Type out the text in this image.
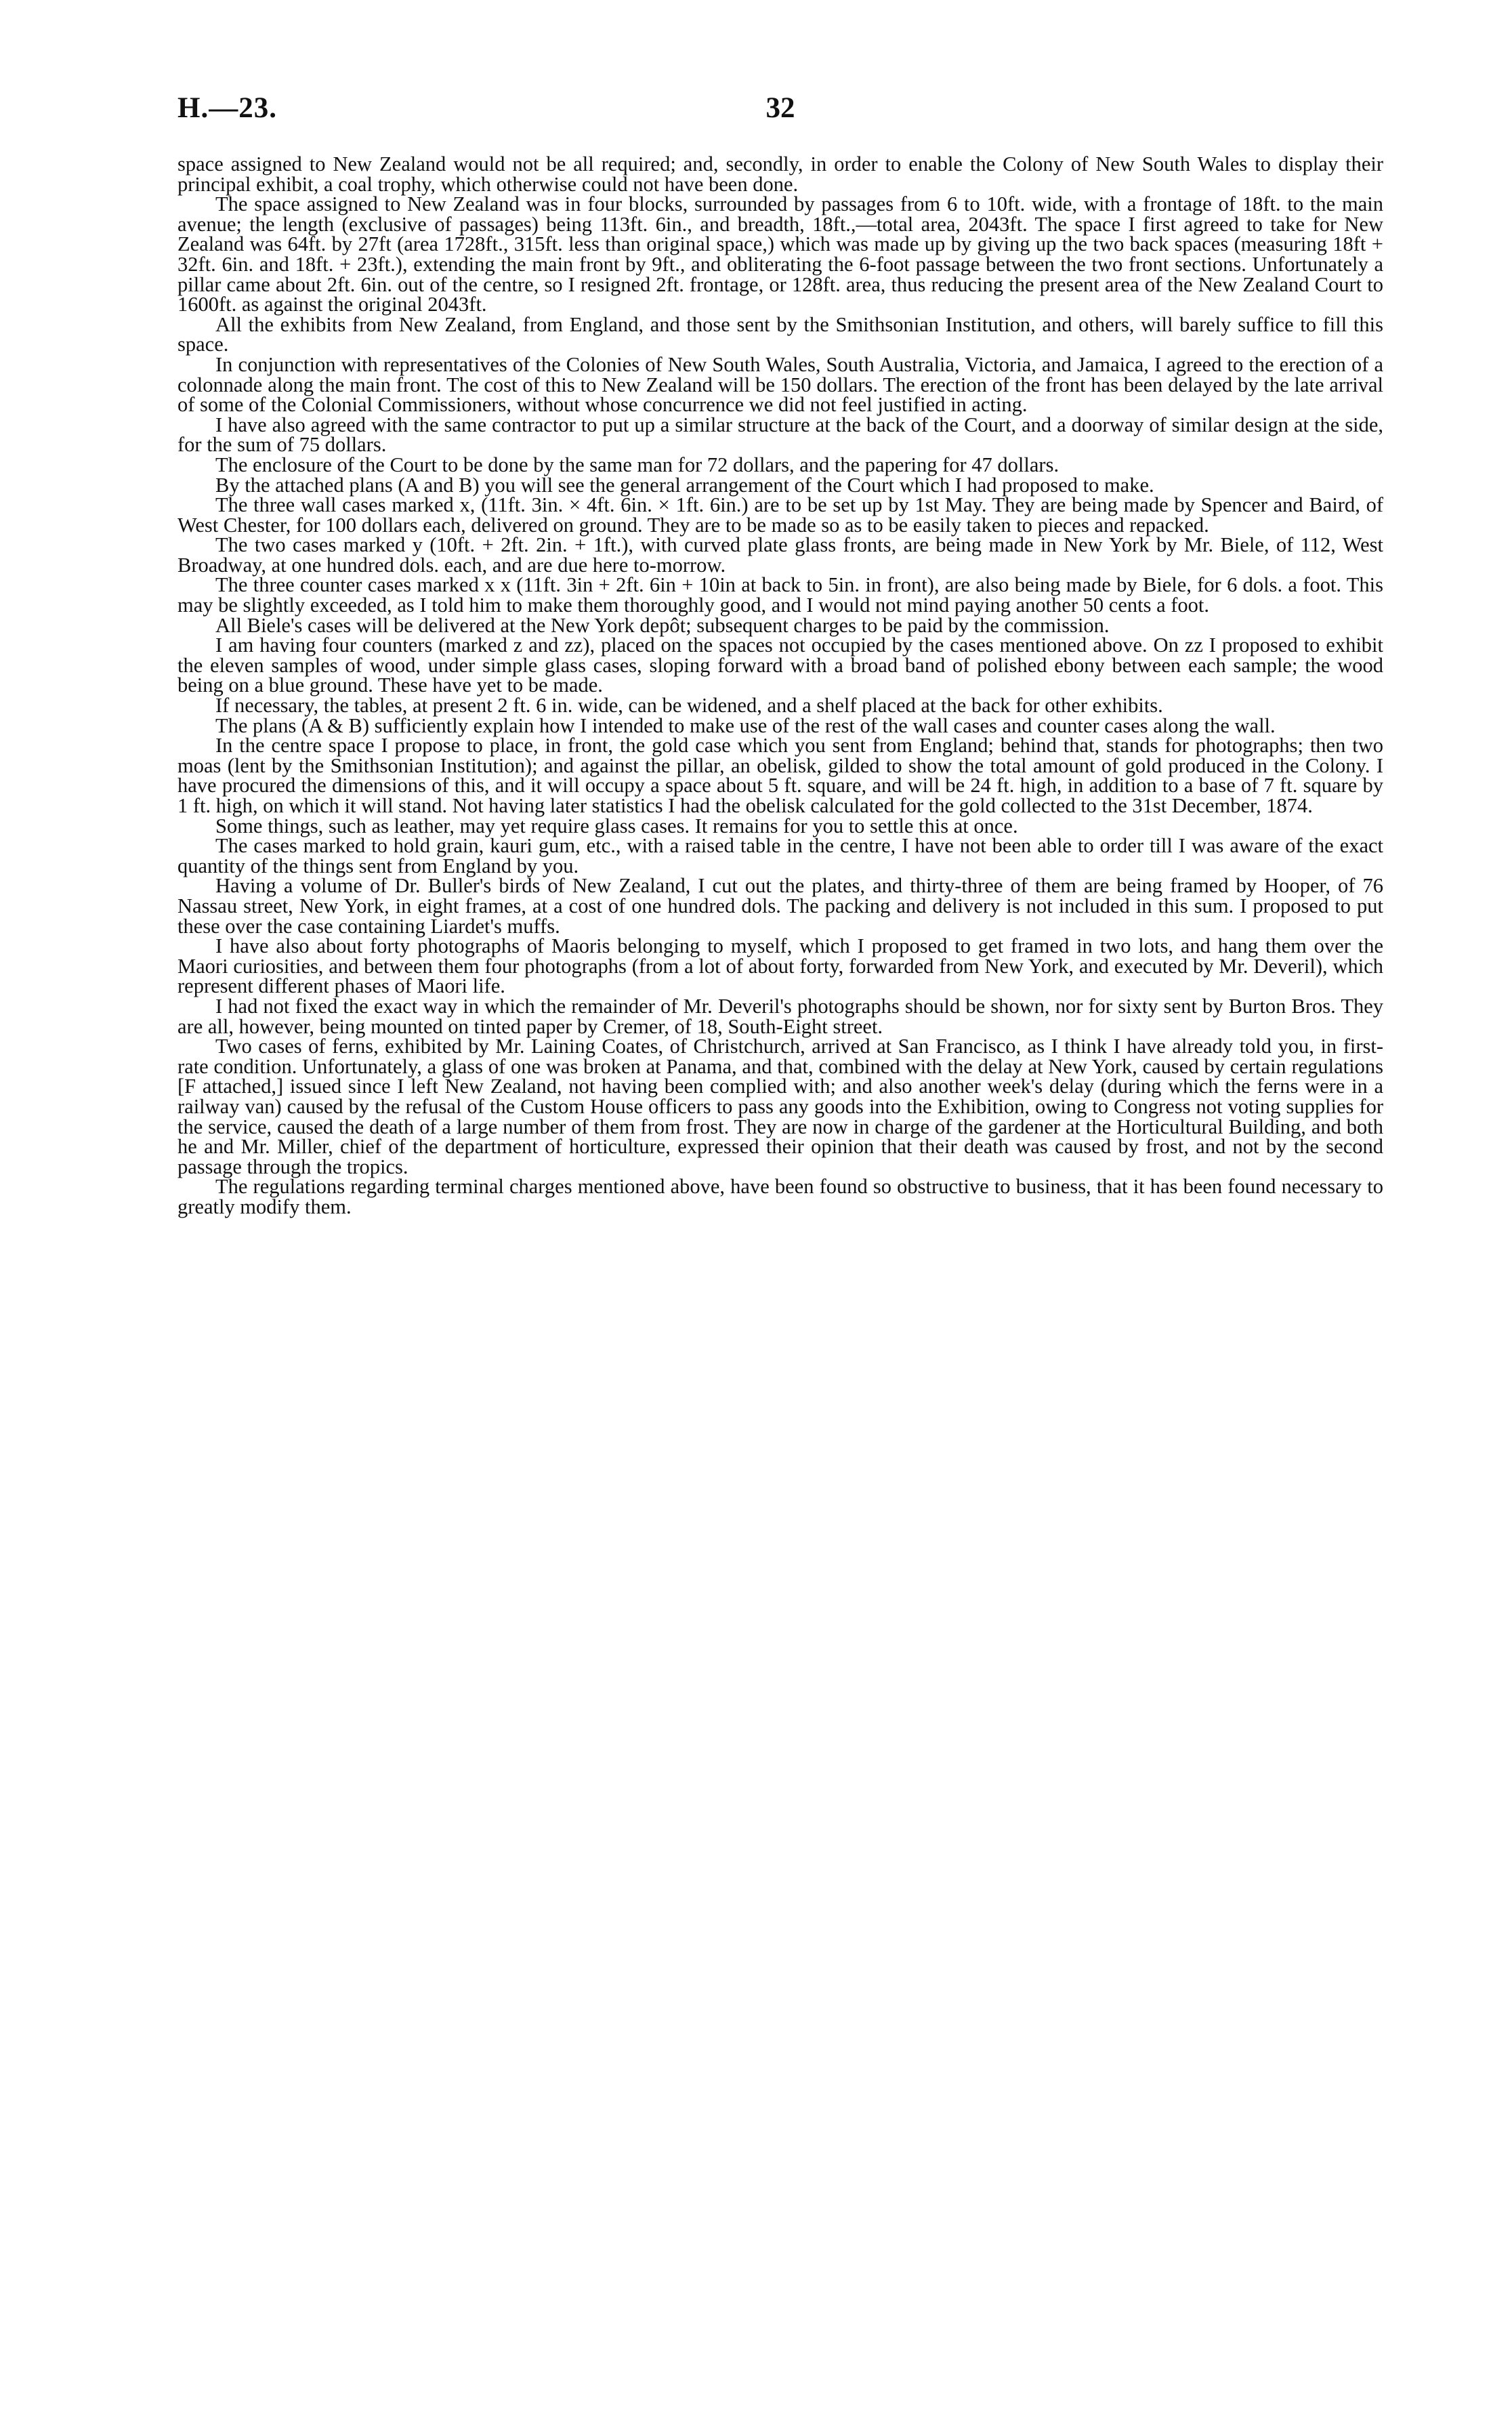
32
H.—23.

space assigned to New Zealand would not be all required; and, secondly, in order to enable the Colony of New South Wales to display their principal exhibit, a coal trophy, which otherwise could not have been done.

The space assigned to New Zealand was in four blocks, surrounded by passages from 6 to 10ft. wide, with a frontage of 18ft. to the main avenue; the length (exclusive of passages) being 113ft. 6in., and breadth, 18ft.,—total area, 2043ft. The space I first agreed to take for New Zealand was 64ft. by 27ft (area 1728ft., 315ft. less than original space,) which was made up by giving up the two back spaces (measuring 18ft + 32ft. 6in. and 18ft. + 23ft.), extending the main front by 9ft., and obliterating the 6-foot passage between the two front sections. Unfortunately a pillar came about 2ft. 6in. out of the centre, so I resigned 2ft. frontage, or 128ft. area, thus reducing the present area of the New Zealand Court to 1600ft. as against the original 2043ft.

All the exhibits from New Zealand, from England, and those sent by the Smithsonian Institution, and others, will barely suffice to fill this space.

In conjunction with representatives of the Colonies of New South Wales, South Australia, Victoria, and Jamaica, I agreed to the erection of a colonnade along the main front. The cost of this to New Zealand will be 150 dollars. The erection of the front has been delayed by the late arrival of some of the Colonial Commissioners, without whose concurrence we did not feel justified in acting.

I have also agreed with the same contractor to put up a similar structure at the back of the Court, and a doorway of similar design at the side, for the sum of 75 dollars.

The enclosure of the Court to be done by the same man for 72 dollars, and the papering for 47 dollars.

By the attached plans (A and B) you will see the general arrangement of the Court which I had proposed to make.

The three wall cases marked x, (11ft. 3in. × 4ft. 6in. × 1ft. 6in.) are to be set up by 1st May. They are being made by Spencer and Baird, of West Chester, for 100 dollars each, delivered on ground. They are to be made so as to be easily taken to pieces and repacked.

The two cases marked y (10ft. + 2ft. 2in. + 1ft.), with curved plate glass fronts, are being made in New York by Mr. Biele, of 112, West Broadway, at one hundred dols. each, and are due here to-morrow.

The three counter cases marked x x (11ft. 3in + 2ft. 6in + 10in at back to 5in. in front), are also being made by Biele, for 6 dols. a foot. This may be slightly exceeded, as I told him to make them thoroughly good, and I would not mind paying another 50 cents a foot.

All Biele's cases will be delivered at the New York depôt; subsequent charges to be paid by the commission.

I am having four counters (marked z and zz), placed on the spaces not occupied by the cases mentioned above. On zz I proposed to exhibit the eleven samples of wood, under simple glass cases, sloping forward with a broad band of polished ebony between each sample; the wood being on a blue ground. These have yet to be made.

If necessary, the tables, at present 2 ft. 6 in. wide, can be widened, and a shelf placed at the back for other exhibits.

The plans (A & B) sufficiently explain how I intended to make use of the rest of the wall cases and counter cases along the wall.

In the centre space I propose to place, in front, the gold case which you sent from England; behind that, stands for photographs; then two moas (lent by the Smithsonian Institution); and against the pillar, an obelisk, gilded to show the total amount of gold produced in the Colony. I have procured the dimensions of this, and it will occupy a space about 5 ft. square, and will be 24 ft. high, in addition to a base of 7 ft. square by 1 ft. high, on which it will stand. Not having later statistics I had the obelisk calculated for the gold collected to the 31st December, 1874.

Some things, such as leather, may yet require glass cases. It remains for you to settle this at once.

The cases marked to hold grain, kauri gum, etc., with a raised table in the centre, I have not been able to order till I was aware of the exact quantity of the things sent from England by you.

Having a volume of Dr. Buller's birds of New Zealand, I cut out the plates, and thirty-three of them are being framed by Hooper, of 76 Nassau street, New York, in eight frames, at a cost of one hundred dols. The packing and delivery is not included in this sum. I proposed to put these over the case containing Liardet's muffs.

I have also about forty photographs of Maoris belonging to myself, which I proposed to get framed in two lots, and hang them over the Maori curiosities, and between them four photographs (from a lot of about forty, forwarded from New York, and executed by Mr. Deveril), which represent different phases of Maori life.

I had not fixed the exact way in which the remainder of Mr. Deveril's photographs should be shown, nor for sixty sent by Burton Bros. They are all, however, being mounted on tinted paper by Cremer, of 18, South-Eight street.

Two cases of ferns, exhibited by Mr. Laining Coates, of Christchurch, arrived at San Francisco, as I think I have already told you, in first-rate condition. Unfortunately, a glass of one was broken at Panama, and that, combined with the delay at New York, caused by certain regulations [F attached,] issued since I left New Zealand, not having been complied with; and also another week's delay (during which the ferns were in a railway van) caused by the refusal of the Custom House officers to pass any goods into the Exhibition, owing to Congress not voting supplies for the service, caused the death of a large number of them from frost. They are now in charge of the gardener at the Horticultural Building, and both he and Mr. Miller, chief of the department of horticulture, expressed their opinion that their death was caused by frost, and not by the second passage through the tropics.

The regulations regarding terminal charges mentioned above, have been found so obstructive to business, that it has been found necessary to greatly modify them.
